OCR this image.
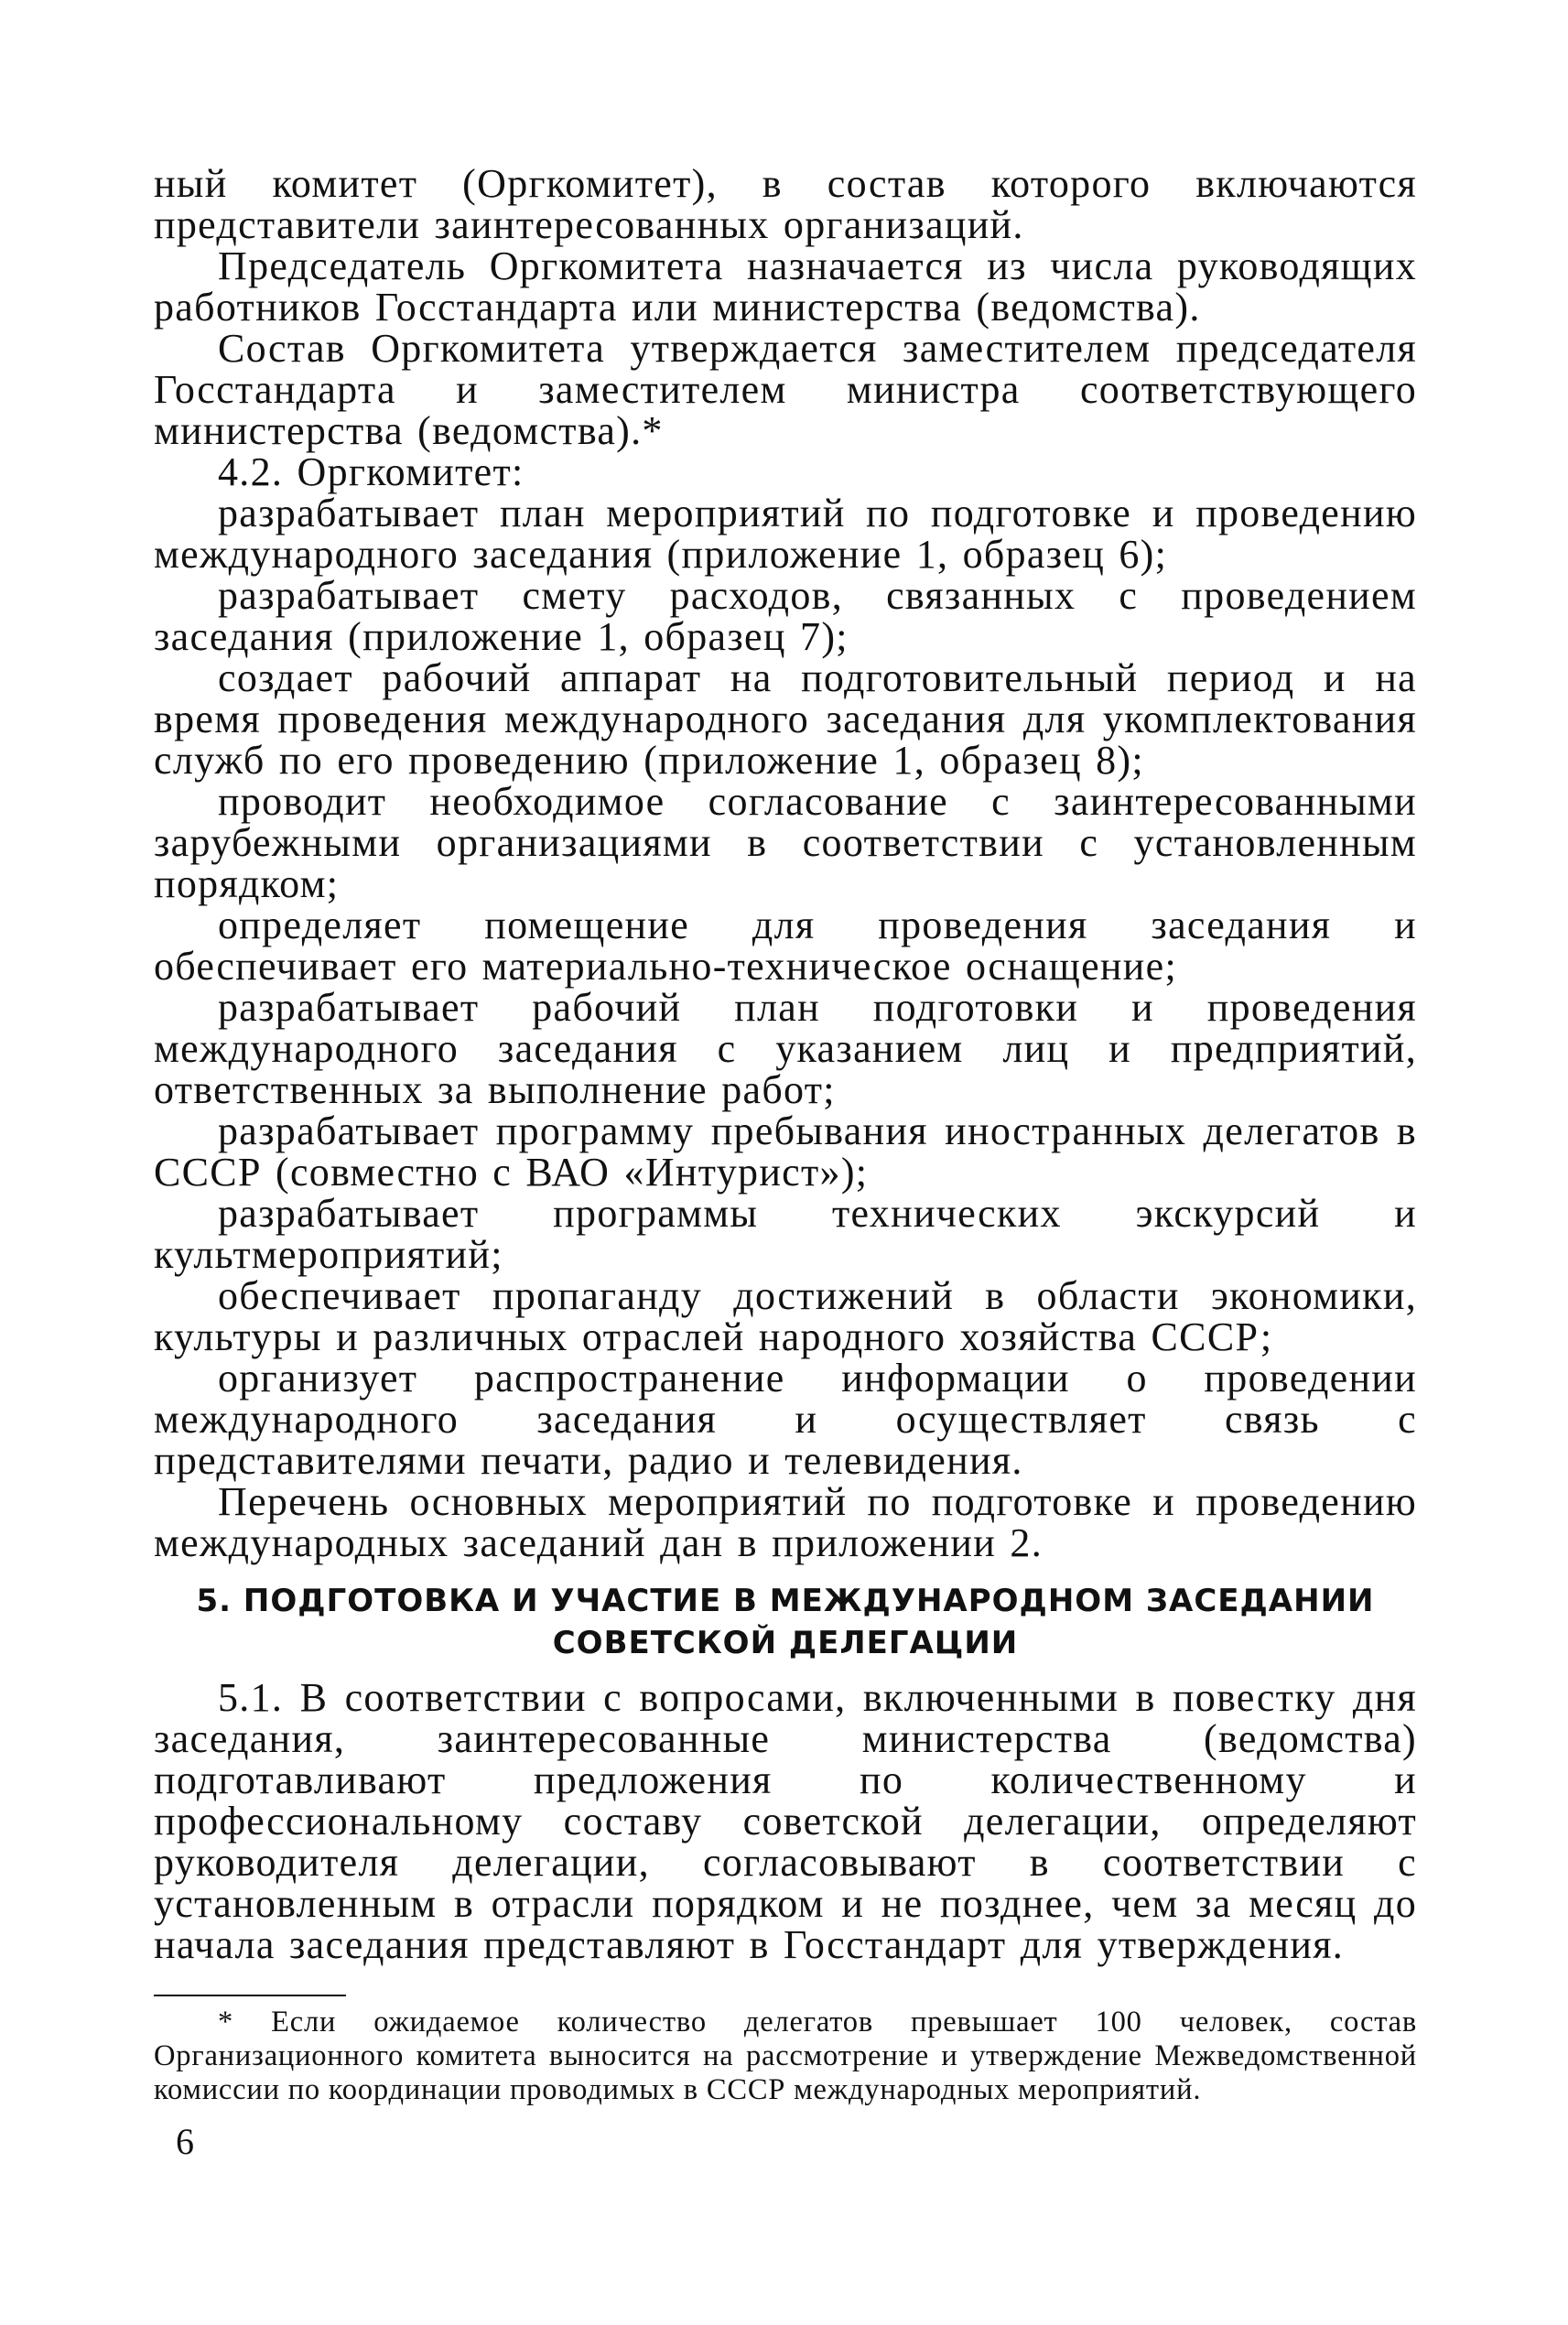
ный комитет (Оргкомитет), в состав которого включаются представители заинтересованных организаций.

Председатель Оргкомитета назначается из числа руководящих работников Госстандарта или министерства (ведомства).

Состав Оргкомитета утверждается заместителем председателя Госстандарта и заместителем министра соответствующего министерства (ведомства).*

4.2. Оргкомитет:

разрабатывает план мероприятий по подготовке и проведению международного заседания (приложение 1, образец 6);

разрабатывает смету расходов, связанных с проведением заседания (приложение 1, образец 7);

создает рабочий аппарат на подготовительный период и на время проведения международного заседания для укомплектования служб по его проведению (приложение 1, образец 8);

проводит необходимое согласование с заинтересованными зарубежными организациями в соответствии с установленным порядком;

определяет помещение для проведения заседания и обеспечивает его материально-техническое оснащение;

разрабатывает рабочий план подготовки и проведения международного заседания с указанием лиц и предприятий, ответственных за выполнение работ;

разрабатывает программу пребывания иностранных делегатов в СССР (совместно с ВАО «Интурист»);

разрабатывает программы технических экскурсий и культмероприятий;

обеспечивает пропаганду достижений в области экономики, культуры и различных отраслей народного хозяйства СССР;

организует распространение информации о проведении международного заседания и осуществляет связь с представителями печати, радио и телевидения.

Перечень основных мероприятий по подготовке и проведению международных заседаний дан в приложении 2.

5. ПОДГОТОВКА И УЧАСТИЕ В МЕЖДУНАРОДНОМ ЗАСЕДАНИИ
СОВЕТСКОЙ ДЕЛЕГАЦИИ

5.1. В соответствии с вопросами, включенными в повестку дня заседания, заинтересованные министерства (ведомства) подготавливают предложения по количественному и профессиональному составу советской делегации, определяют руководителя делегации, согласовывают в соответствии с установленным в отрасли порядком и не позднее, чем за месяц до начала заседания представляют в Госстандарт для утверждения.

* Если ожидаемое количество делегатов превышает 100 человек, состав Организационного комитета выносится на рассмотрение и утверждение Межведомственной комиссии по координации проводимых в СССР международных мероприятий.

6
